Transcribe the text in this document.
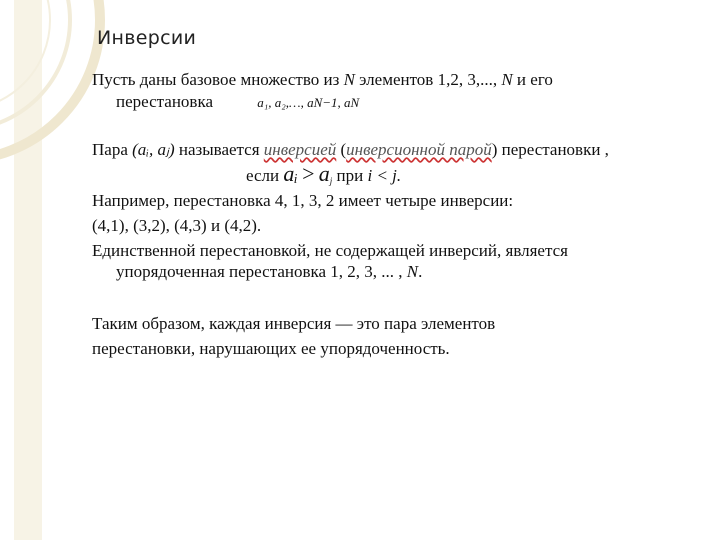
Инверсии
Пусть даны базовое множество из N элементов 1,2, 3,..., N и его
перестановка	a₁, a₂,…, aN−1, aN
Пара (aᵢ, aⱼ) называется инверсией (инверсионной парой) перестановки ,
если aᵢ > $a_j$ при i < j.
Например, перестановка 4, 1, 3, 2 имеет четыре инверсии:
(4,1), (3,2), (4,3) и (4,2).
Единственной перестановкой, не содержащей инверсий, является
упорядоченная перестановка 1, 2, 3, ... , N.
Таким образом, каждая инверсия — это пара элементов
перестановки, нарушающих ее упорядоченность.
